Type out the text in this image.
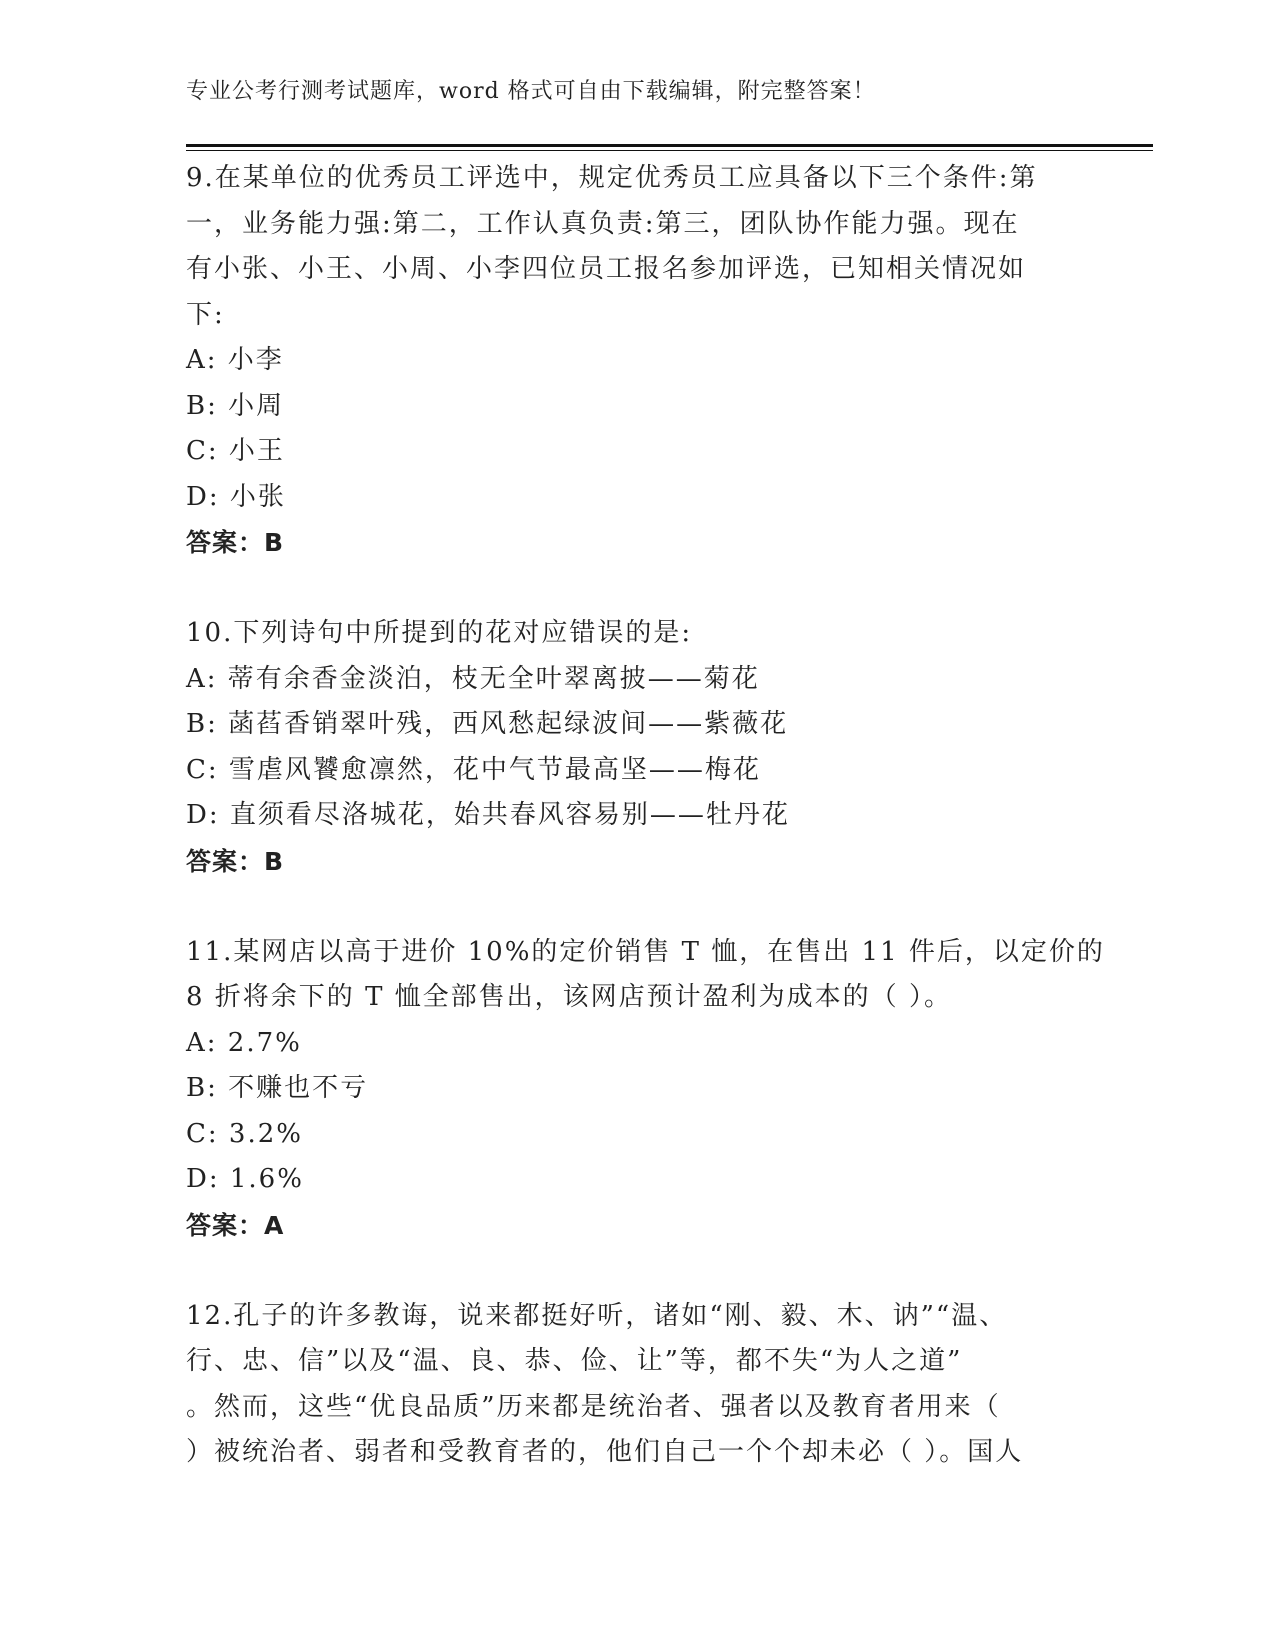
专业公考行测考试题库，word 格式可自由下载编辑，附完整答案！
9.在某单位的优秀员工评选中，规定优秀员工应具备以下三个条件:第
一，业务能力强:第二，工作认真负责:第三，团队协作能力强。现在
有小张、小王、小周、小李四位员工报名参加评选，已知相关情况如
下:
A: 小李
B: 小周
C: 小王
D: 小张
答案：B
10.下列诗句中所提到的花对应错误的是:
A: 蒂有余香金淡泊，枝无全叶翠离披——菊花
B: 菡萏香销翠叶残，西风愁起绿波间——紫薇花
C: 雪虐风饕愈凛然，花中气节最高坚——梅花
D: 直须看尽洛城花，始共春风容易别——牡丹花
答案：B
11.某网店以高于进价 10%的定价销售 T 恤，在售出 11 件后，以定价的
8 折将余下的 T 恤全部售出，该网店预计盈利为成本的（ ）。
A: 2.7%
B: 不赚也不亏
C: 3.2%
D: 1.6%
答案：A
12.孔子的许多教诲，说来都挺好听，诸如“刚、毅、木、讷”“温、
行、忠、信”以及“温、良、恭、俭、让”等，都不失“为人之道”
。然而，这些“优良品质”历来都是统治者、强者以及教育者用来（
）被统治者、弱者和受教育者的，他们自己一个个却未必（ ）。国人
